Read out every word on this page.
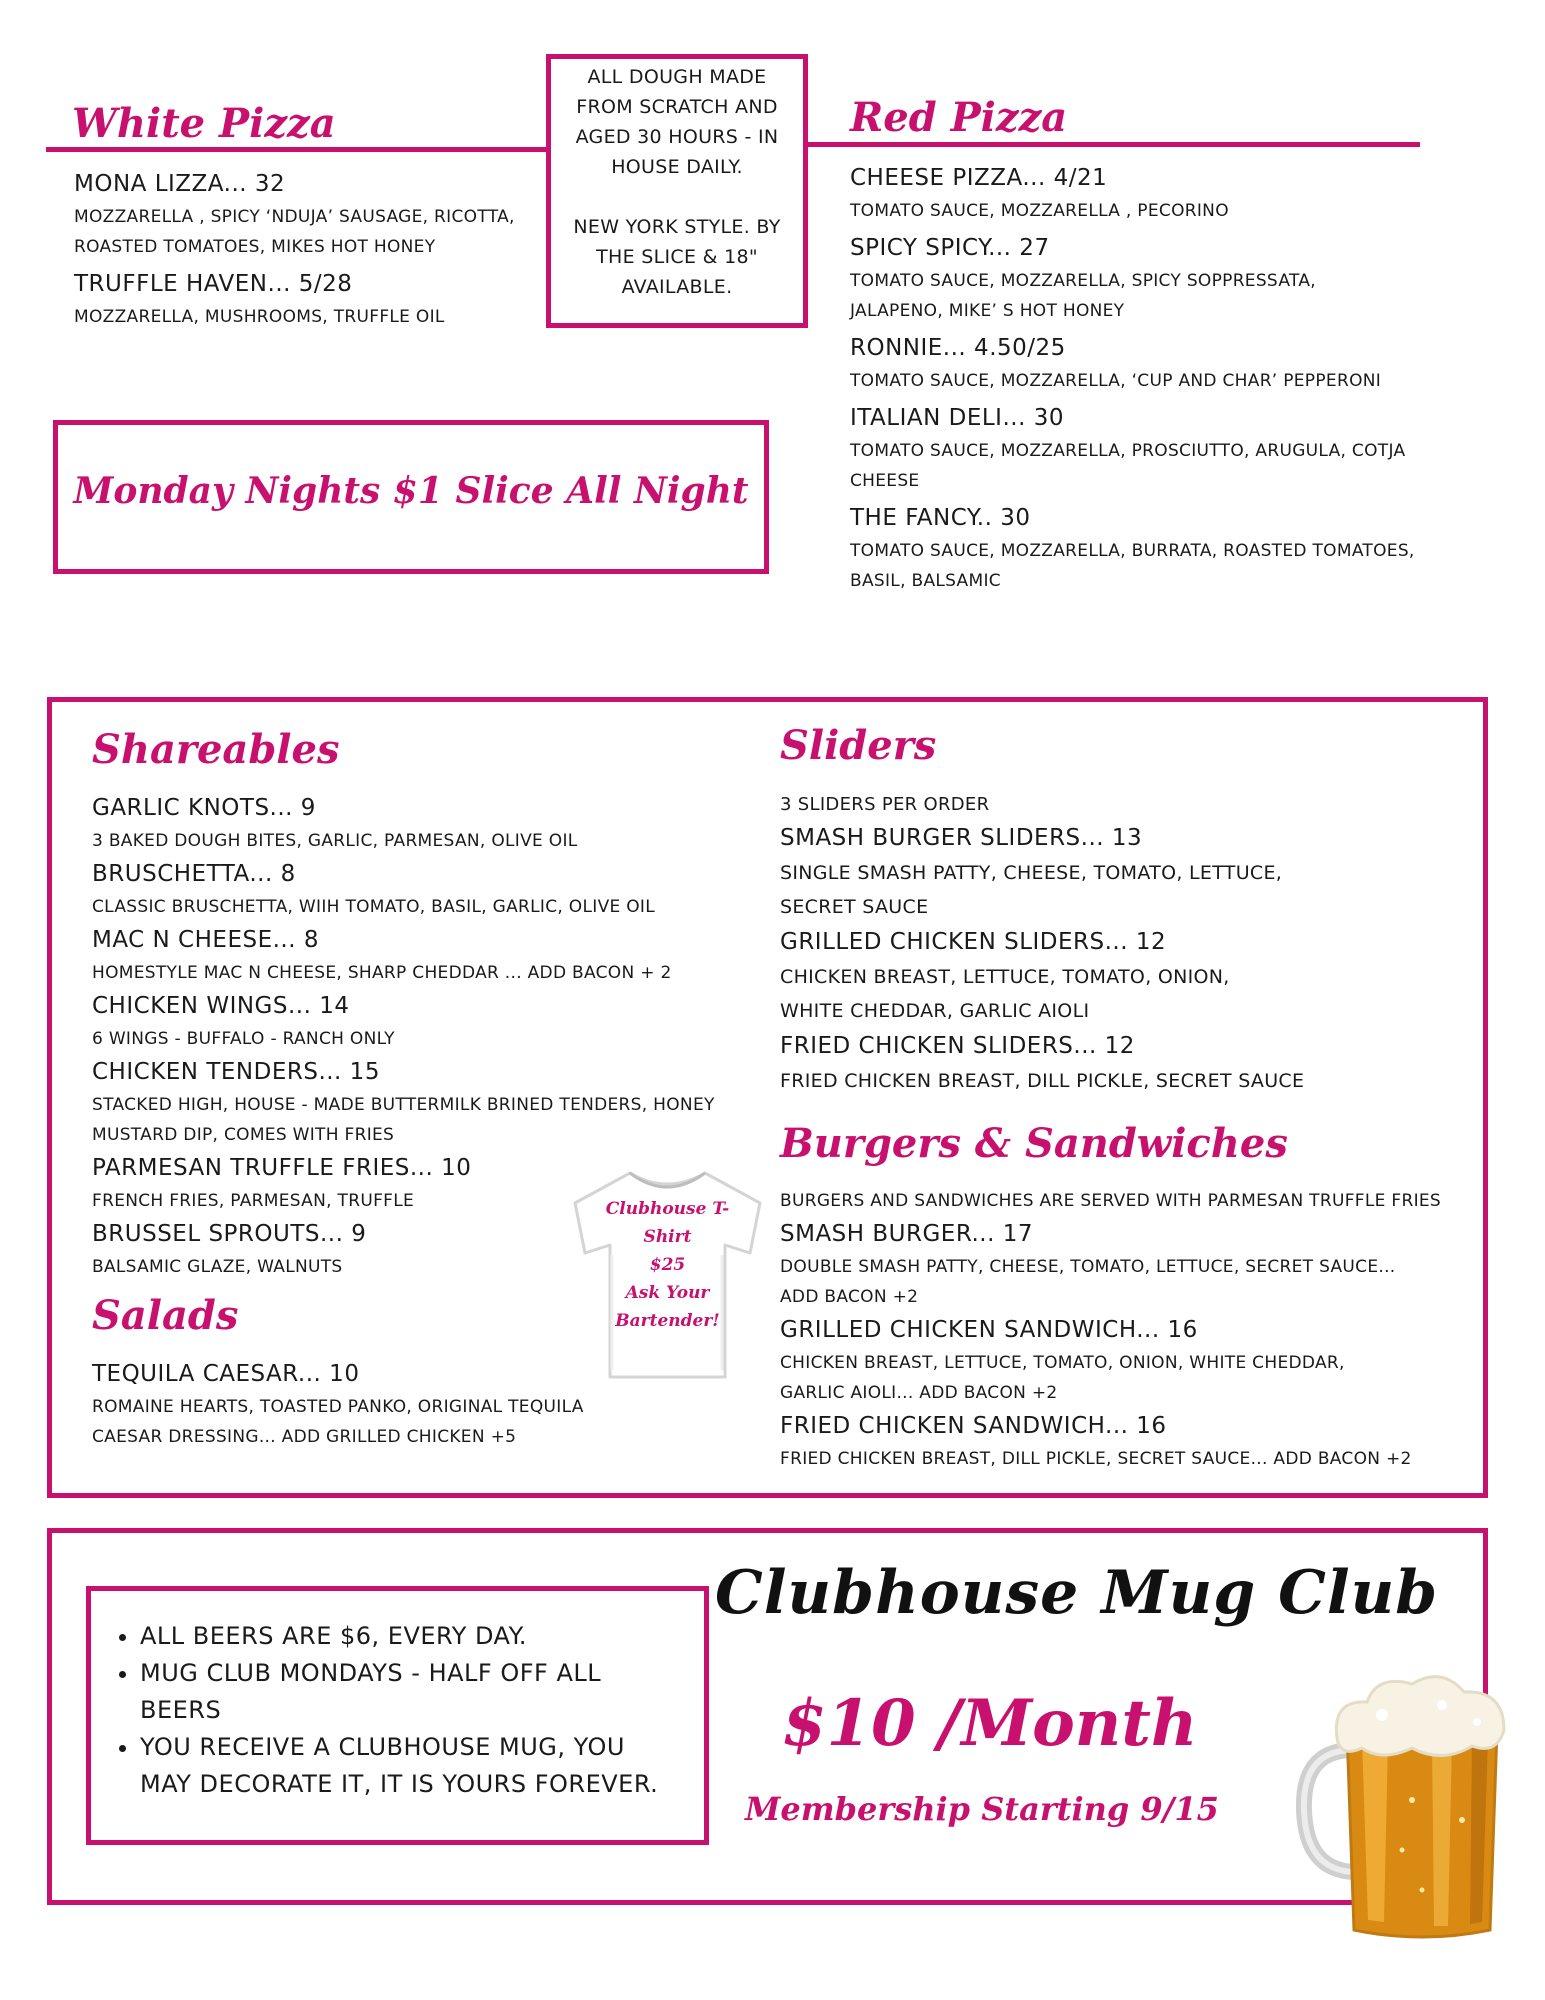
White Pizza

MONA LIZZA... 32

MOZZARELLA , SPICY ‘NDUJA’ SAUSAGE, RICOTTA,

ROASTED TOMATOES, MIKES HOT HONEY

TRUFFLE HAVEN... 5/28

MOZZARELLA, MUSHROOMS, TRUFFLE OIL

ALL DOUGH MADE
FROM SCRATCH AND
AGED 30 HOURS - IN
HOUSE DAILY.
NEW YORK STYLE. BY
THE SLICE & 18"
AVAILABLE.
Red Pizza

CHEESE PIZZA... 4/21

TOMATO SAUCE, MOZZARELLA , PECORINO

SPICY SPICY... 27

TOMATO SAUCE, MOZZARELLA, SPICY SOPPRESSATA,

JALAPENO, MIKE’ S HOT HONEY

RONNIE... 4.50/25

TOMATO SAUCE, MOZZARELLA, ‘CUP AND CHAR’ PEPPERONI

ITALIAN DELI... 30

TOMATO SAUCE, MOZZARELLA, PROSCIUTTO, ARUGULA, COTJA CHEESE

THE FANCY.. 30

TOMATO SAUCE, MOZZARELLA, BURRATA, ROASTED TOMATOES,

BASIL, BALSAMIC

Monday Nights $1 Slice All Night
Shareables

GARLIC KNOTS... 9

3 BAKED DOUGH BITES, GARLIC, PARMESAN, OLIVE OIL

BRUSCHETTA... 8

CLASSIC BRUSCHETTA, WIIH TOMATO, BASIL, GARLIC, OLIVE OIL

MAC N CHEESE... 8

HOMESTYLE MAC N CHEESE, SHARP CHEDDAR ... ADD BACON + 2

CHICKEN WINGS... 14

6 WINGS - BUFFALO - RANCH ONLY

CHICKEN TENDERS... 15

STACKED HIGH, HOUSE - MADE BUTTERMILK BRINED TENDERS, HONEY

MUSTARD DIP, COMES WITH FRIES

PARMESAN TRUFFLE FRIES... 10

FRENCH FRIES, PARMESAN, TRUFFLE

BRUSSEL SPROUTS... 9

BALSAMIC GLAZE, WALNUTS

Salads

TEQUILA CAESAR... 10

ROMAINE HEARTS, TOASTED PANKO, ORIGINAL TEQUILA

CAESAR DRESSING... ADD GRILLED CHICKEN +5

Clubhouse T-
Shirt
$25
Ask Your
Bartender!
Sliders

3 SLIDERS PER ORDER

SMASH BURGER SLIDERS... 13

SINGLE SMASH PATTY, CHEESE, TOMATO, LETTUCE,

SECRET SAUCE

GRILLED CHICKEN SLIDERS... 12

CHICKEN BREAST, LETTUCE, TOMATO, ONION,

WHITE CHEDDAR, GARLIC AIOLI

FRIED CHICKEN SLIDERS... 12

FRIED CHICKEN BREAST, DILL PICKLE, SECRET SAUCE

Burgers & Sandwiches

BURGERS AND SANDWICHES ARE SERVED WITH PARMESAN TRUFFLE FRIES

SMASH BURGER... 17

DOUBLE SMASH PATTY, CHEESE, TOMATO, LETTUCE, SECRET SAUCE...

ADD BACON +2

GRILLED CHICKEN SANDWICH... 16

CHICKEN BREAST, LETTUCE, TOMATO, ONION, WHITE CHEDDAR,

GARLIC AIOLI... ADD BACON +2

FRIED CHICKEN SANDWICH... 16

FRIED CHICKEN BREAST, DILL PICKLE, SECRET SAUCE... ADD BACON +2

• ALL BEERS ARE $6, EVERY DAY.
• MUG CLUB MONDAYS - HALF OFF ALL BEERS
• YOU RECEIVE A CLUBHOUSE MUG, YOU MAY DECORATE IT, IT IS YOURS FOREVER.
Clubhouse Mug Club
$10 /Month
Membership Starting 9/15
